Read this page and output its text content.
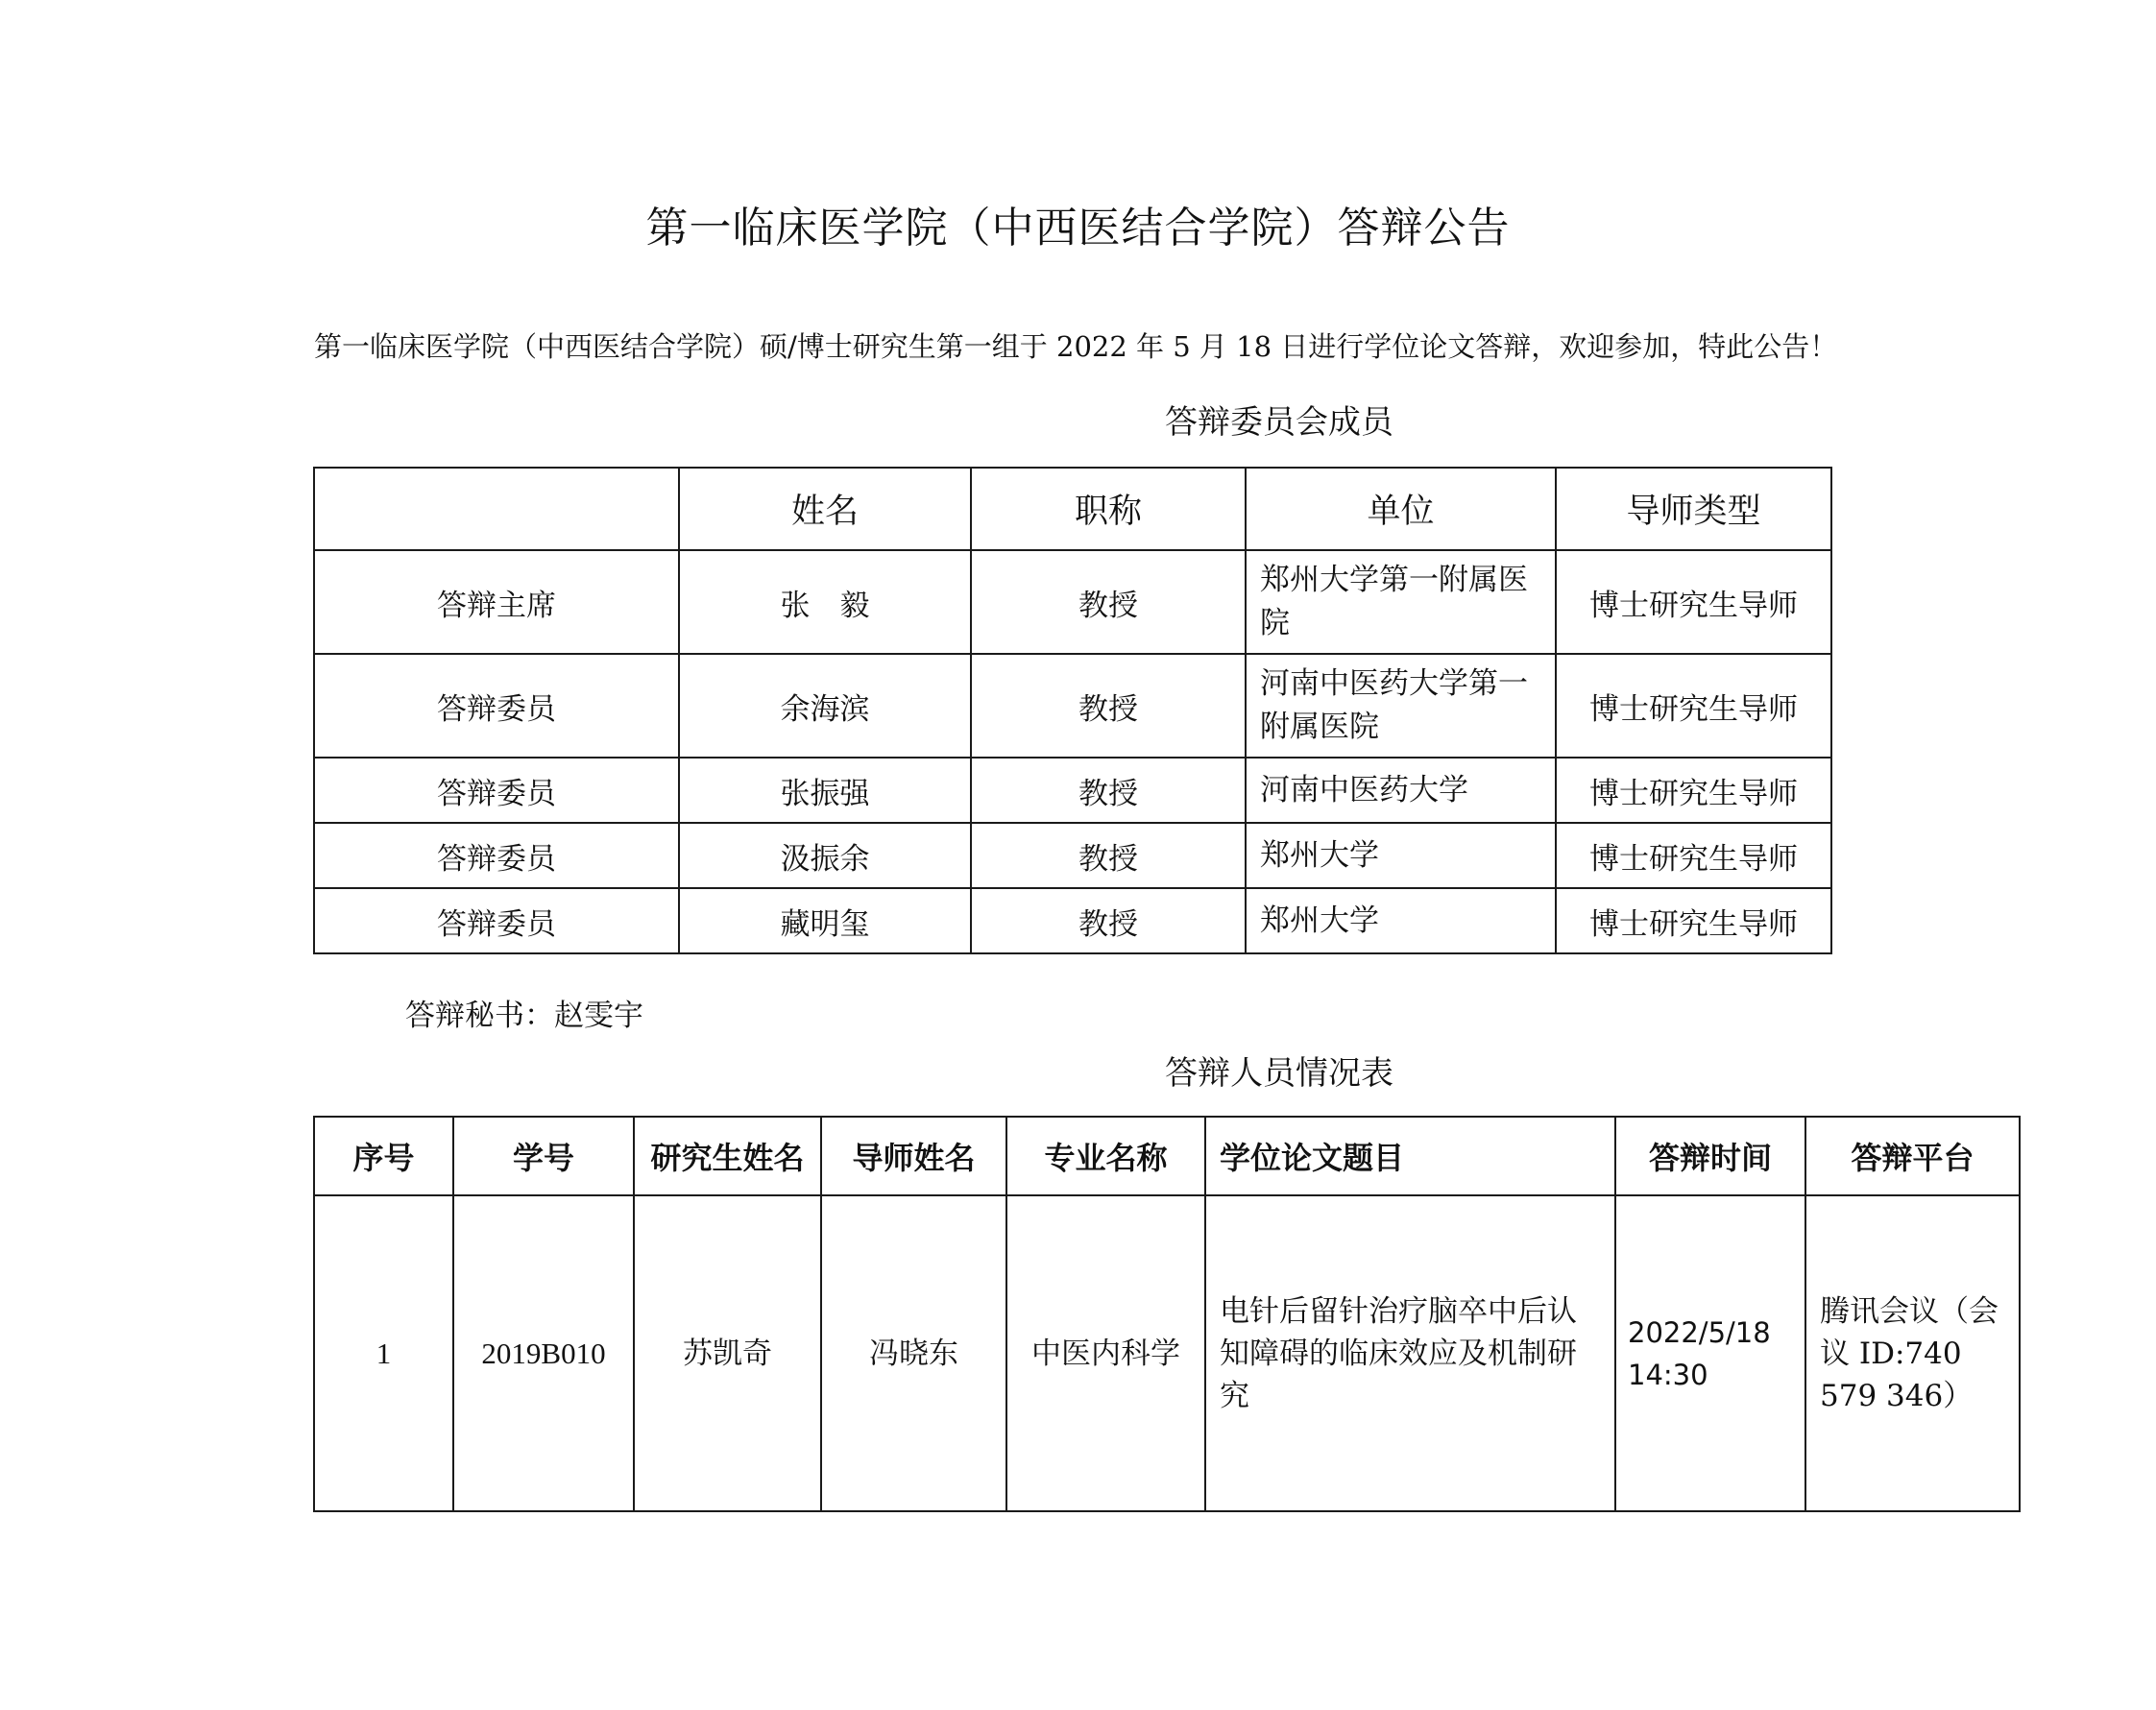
第一临床医学院（中西医结合学院）答辩公告
第一临床医学院（中西医结合学院）硕/博士研究生第一组于 2022 年 5 月 18 日进行学位论文答辩，欢迎参加，特此公告！
答辩委员会成员
	姓名	职称	单位	导师类型
答辩主席	张　毅	教授	郑州大学第一附属医院	博士研究生导师
答辩委员	余海滨	教授	河南中医药大学第一附属医院	博士研究生导师
答辩委员	张振强	教授	河南中医药大学	博士研究生导师
答辩委员	汲振余	教授	郑州大学	博士研究生导师
答辩委员	藏明玺	教授	郑州大学	博士研究生导师
答辩秘书：赵雯宇
答辩人员情况表
序号	学号	研究生姓名	导师姓名	专业名称	学位论文题目	答辩时间	答辩平台
1	2019B010	苏凯奇	冯晓东	中医内科学	电针后留针治疗脑卒中后认知障碍的临床效应及机制研究	2022/5/18 14:30	腾讯会议（会议 ID:740 579 346）
